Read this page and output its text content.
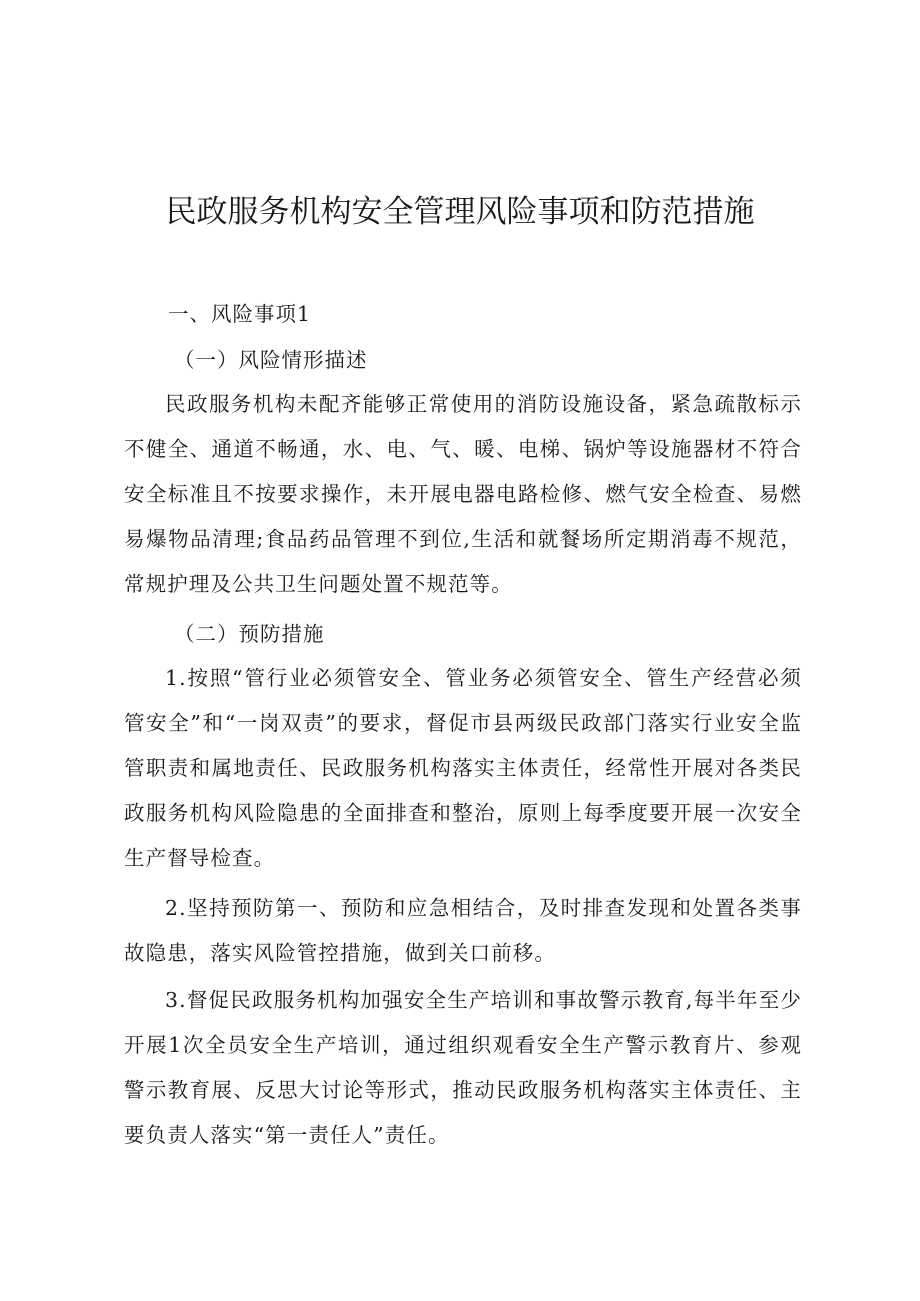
民政服务机构安全管理风险事项和防范措施

一、风险事项1

（一）风险情形描述

民政服务机构未配齐能够正常使用的消防设施设备，紧急疏散标示不健全、通道不畅通，水、电、气、暖、电梯、锅炉等设施器材不符合安全标准且不按要求操作，未开展电器电路检修、燃气安全检查、易燃易爆物品清理;食品药品管理不到位,生活和就餐场所定期消毒不规范，常规护理及公共卫生问题处置不规范等。

（二）预防措施

1.按照“管行业必须管安全、管业务必须管安全、管生产经营必须管安全”和“一岗双责”的要求，督促市县两级民政部门落实行业安全监管职责和属地责任、民政服务机构落实主体责任，经常性开展对各类民政服务机构风险隐患的全面排查和整治，原则上每季度要开展一次安全生产督导检查。

2.坚持预防第一、预防和应急相结合，及时排查发现和处置各类事故隐患，落实风险管控措施，做到关口前移。

3.督促民政服务机构加强安全生产培训和事故警示教育,每半年至少开展1次全员安全生产培训，通过组织观看安全生产警示教育片、参观警示教育展、反思大讨论等形式，推动民政服务机构落实主体责任、主要负责人落实“第一责任人”责任。
